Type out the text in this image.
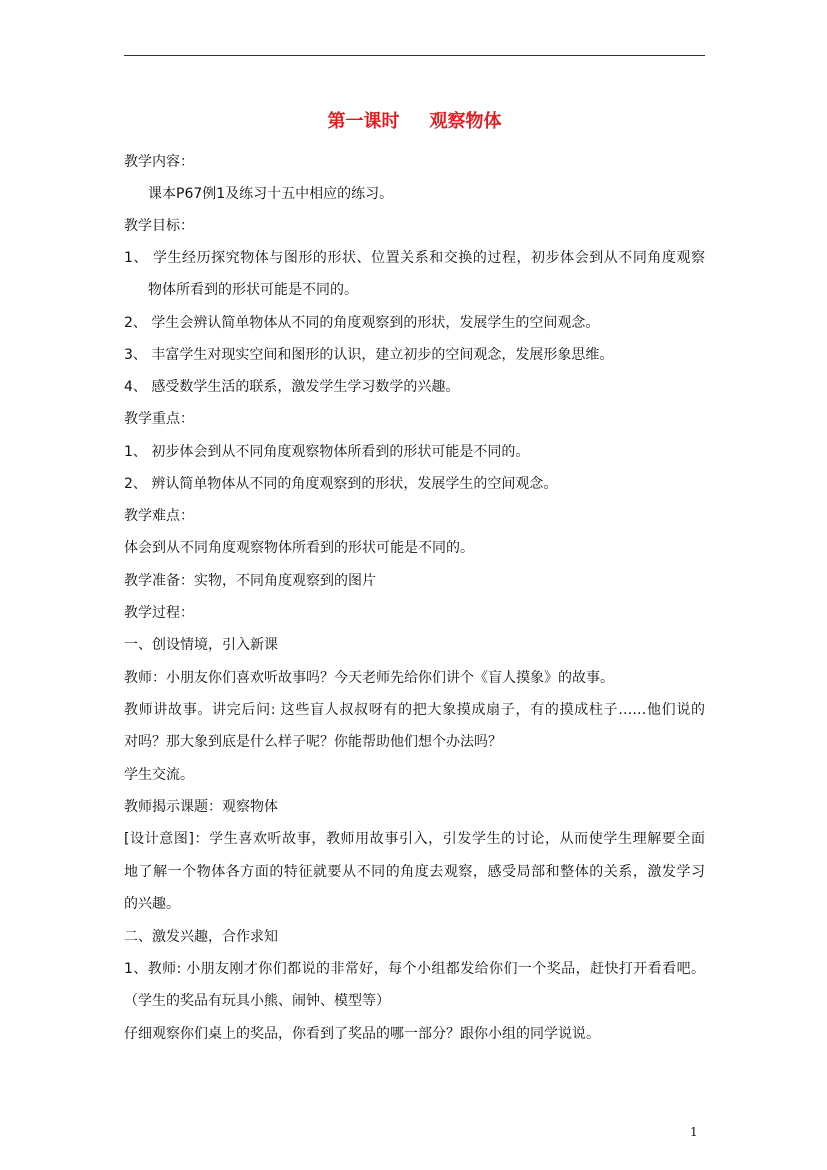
第一课时 观察物体
教学内容：
课本P67例1及练习十五中相应的练习。
教学目标：
1、 学生经历探究物体与图形的形状、位置关系和交换的过程，初步体会到从不同角度观察
物体所看到的形状可能是不同的。
2、 学生会辨认简单物体从不同的角度观察到的形状，发展学生的空间观念。
3、 丰富学生对现实空间和图形的认识，建立初步的空间观念，发展形象思维。
4、 感受数学生活的联系，激发学生学习数学的兴趣。
教学重点：
1、 初步体会到从不同角度观察物体所看到的形状可能是不同的。
2、 辨认简单物体从不同的角度观察到的形状，发展学生的空间观念。
教学难点：
体会到从不同角度观察物体所看到的形状可能是不同的。
教学准备：实物，不同角度观察到的图片
教学过程：
一、创设情境，引入新课
教师：小朋友你们喜欢听故事吗？今天老师先给你们讲个《盲人摸象》的故事。
教师讲故事。讲完后问: 这些盲人叔叔呀有的把大象摸成扇子，有的摸成柱子……他们说的
对吗？那大象到底是什么样子呢？你能帮助他们想个办法吗？
学生交流。
教师揭示课题：观察物体
[设计意图]：学生喜欢听故事，教师用故事引入，引发学生的讨论，从而使学生理解要全面
地了解一个物体各方面的特征就要从不同的角度去观察，感受局部和整体的关系，激发学习
的兴趣。
二、激发兴趣，合作求知
1、教师: 小朋友刚才你们都说的非常好，每个小组都发给你们一个奖品，赶快打开看看吧。
（学生的奖品有玩具小熊、闹钟、模型等）
仔细观察你们桌上的奖品，你看到了奖品的哪一部分？跟你小组的同学说说。
1
